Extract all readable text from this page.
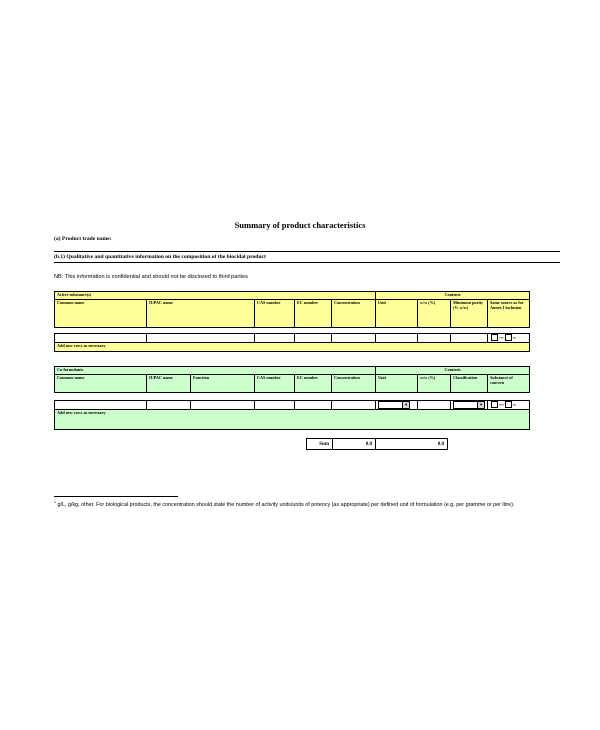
Summary of product characteristics
(a) Product trade name:
(b.1) Qualitative and quantitative information on the composition of the biocidal product
NB: This information is confidential and should not be disclosed to third parties
Active substance(s)					Contents			
Common name	IUPAC name	CAS number	EC number	Concentration	Unit	w/w (%)	Minimum purity (% w/w)	Same source as for Annex I inclusion

								yes no
Add new rows as necessary								
Co-formulants						Contents			
Common name	IUPAC name	Function	CAS number	EC number	Concentration	Unit	w/w (%)	Classification	Substance of concern

						▼		▼	yes no
Add new rows as necessary									
Sum	0.0	0.0	
$^1$ g/L, g/kg, other. For biological products, the concentration should state the number of activity units/units of potency (as appropriate) per defined unit of formulation (e.g. per gramme or per litre).
